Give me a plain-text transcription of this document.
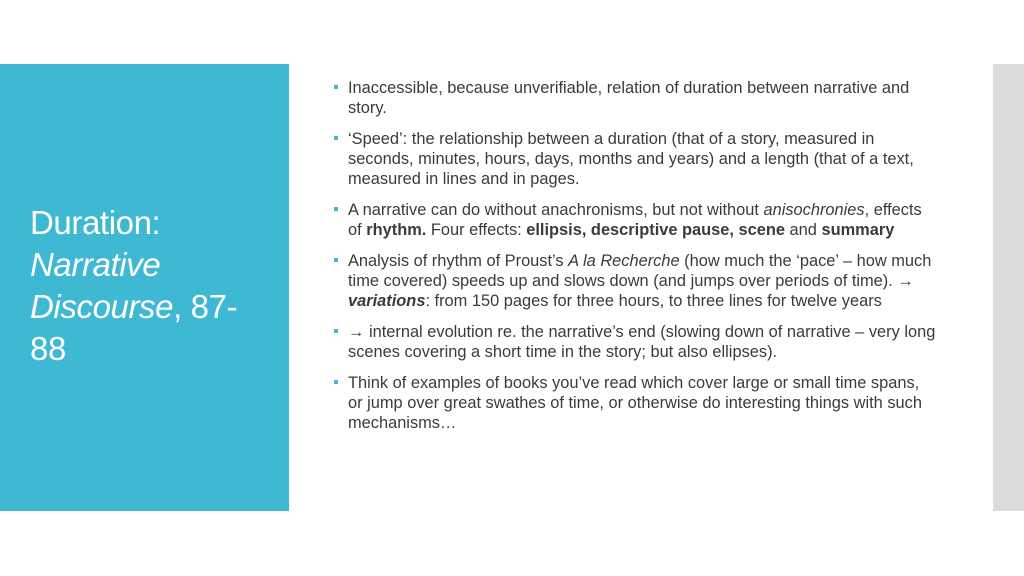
Duration:
Narrative
Discourse, 87-
88
Inaccessible, because unverifiable, relation of duration between narrative and story.
‘Speed’: the relationship between a duration (that of a story, measured in seconds, minutes, hours, days, months and years) and a length (that of a text, measured in lines and in pages.
A narrative can do without anachronisms, but not without anisochronies, effects of rhythm. Four effects: ellipsis, descriptive pause, scene and summary
Analysis of rhythm of Proust’s A la Recherche (how much the ‘pace’ – how much time covered) speeds up and slows down (and jumps over periods of time). → variations: from 150 pages for three hours, to three lines for twelve years
→ internal evolution re. the narrative’s end (slowing down of narrative – very long scenes covering a short time in the story; but also ellipses).
Think of examples of books you’ve read which cover large or small time spans, or jump over great swathes of time, or otherwise do interesting things with such mechanisms…
